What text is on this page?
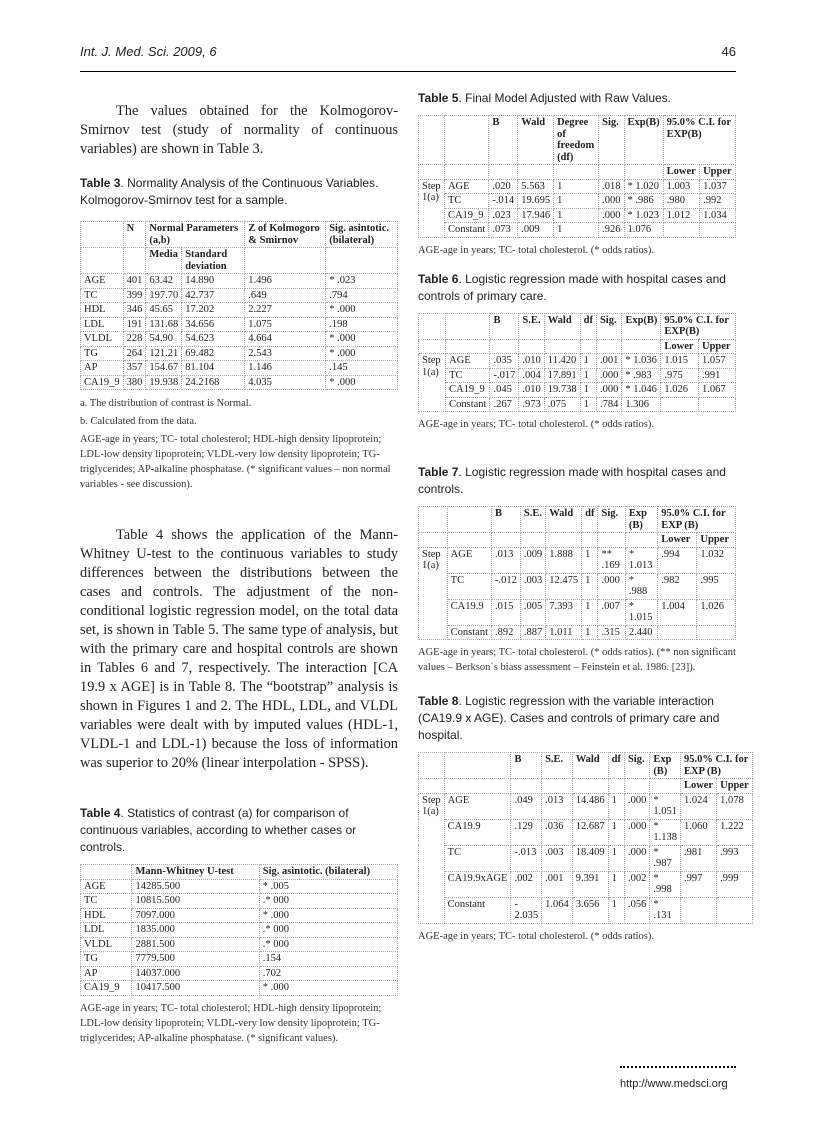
Int. J. Med. Sci. 2009, 6	46

The values obtained for the Kolmogorov-Smirnov test (study of normality of continuous variables) are shown in Table 3.

Table 3. Normality Analysis of the Continuous Variables. Kolmogorov-Smirnov test for a sample.

	N	Normal Parameters (a,b)		Z of Kolmogoro & Smirnov	Sig. asintotic. (bilateral)
		Media	Standard deviation		
AGE	401	63.42	14.890	1.496	* .023
TC	399	197.70	42.737	.649	.794
HDL	346	45.65	17.202	2.227	* .000
LDL	191	131.68	34.656	1.075	.198
VLDL	228	54.90	54.623	4.664	* .000
TG	264	121.21	69.482	2.543	* .000
AP	357	154.67	81.104	1.146	.145
CA19_9	380	19.938	24.2168	4.035	* .000

a. The distribution of contrast is Normal.

b. Calculated from the data.

AGE-age in years; TC- total cholesterol; HDL-high density lipoprotein; LDL-low density lipoprotein; VLDL-very low density lipoprotein; TG-triglycerides; AP-alkaline phosphatase. (* significant values – non normal variables - see discussion).

Table 4 shows the application of the Mann-Whitney U-test to the continuous variables to study differences between the distributions between the cases and controls. The adjustment of the non-conditional logistic regression model, on the total data set, is shown in Table 5. The same type of analysis, but with the primary care and hospital controls are shown in Tables 6 and 7, respectively. The interaction [CA 19.9 x AGE] is in Table 8. The “bootstrap” analysis is shown in Figures 1 and 2. The HDL, LDL, and VLDL variables were dealt with by imputed values (HDL-1, VLDL-1 and LDL-1) because the loss of information was superior to 20% (linear interpolation - SPSS).

Table 4. Statistics of contrast (a) for comparison of continuous variables, according to whether cases or controls.

	Mann-Whitney U-test	Sig. asintotic. (bilateral)
AGE	14285.500	* .005
TC	10815.500	.* 000
HDL	7097.000	* .000
LDL	1835.000	.* 000
VLDL	2881.500	.* 000
TG	7779.500	.154
AP	14037.000	.702
CA19_9	10417.500	* .000

AGE-age in years; TC- total cholesterol; HDL-high density lipoprotein; LDL-low density lipoprotein; VLDL-very low density lipoprotein; TG-triglycerides; AP-alkaline phosphatase. (* significant values).

Table 5. Final Model Adjusted with Raw Values.

		B	Wald	Degree of freedom (df)	Sig.	Exp(B)	95.0% C.I. for EXP(B)	
							Lower	Upper
Step 1(a)	AGE	.020	5.563	1	.018	* 1.020	1.003	1.037
	TC	-.014	19.695	1	.000	* .986	.980	.992
	CA19_9	.023	17.946	1	.000	* 1.023	1.012	1.034
	Constant	.073	.009	1	.926	1.076		

AGE-age in years; TC- total cholesterol. (* odds ratios).

Table 6. Logistic regression made with hospital cases and controls of primary care.

		B	S.E.	Wald	df	Sig.	Exp(B)	95.0% C.I. for EXP(B)	
								Lower	Upper
Step 1(a)	AGE	.035	.010	11.420	1	.001	* 1.036	1.015	1.057
	TC	-.017	.004	17.891	1	.000	* .983	.975	.991
	CA19_9	.045	.010	19.738	1	.000	* 1.046	1.026	1.067
	Constant	.267	.973	.075	1	.784	1.306		

AGE-age in years; TC- total cholesterol. (* odds ratios).

Table 7. Logistic regression made with hospital cases and controls.

		B	S.E.	Wald	df	Sig.	Exp (B)	95.0% C.I. for EXP (B)	
								Lower	Upper
Step 1(a)	AGE	.013	.009	1.888	1	** .169	* 1.013	.994	1.032
	TC	-.012	.003	12.475	1	.000	* .988	.982	.995
	CA19.9	.015	.005	7.393	1	.007	* 1.015	1.004	1.026
	Constant	.892	.887	1.011	1	.315	2.440		

AGE-age in years; TC- total cholesterol. (* odds ratios). (** non significant values – Berkson´s biass assessment – Feinstein et al. 1986. [23]).

Table 8. Logistic regression with the variable interaction (CA19.9 x AGE). Cases and controls of primary care and hospital.

		B	S.E.	Wald	df	Sig.	Exp (B)	95.0% C.I. for EXP (B)	
								Lower	Upper
Step 1(a)	AGE	.049	.013	14.486	1	.000	* 1.051	1.024	1.078
	CA19.9	.129	.036	12.687	1	.000	* 1.138	1.060	1.222
	TC	-.013	.003	18.409	1	.000	* .987	.981	.993
	CA19.9xAGE	.002	.001	9.391	1	.002	* .998	.997	.999
	Constant	- 2.035	1.064	3.656	1	.056	* .131		

AGE-age in years; TC- total cholesterol. (* odds ratios).

http://www.medsci.org
